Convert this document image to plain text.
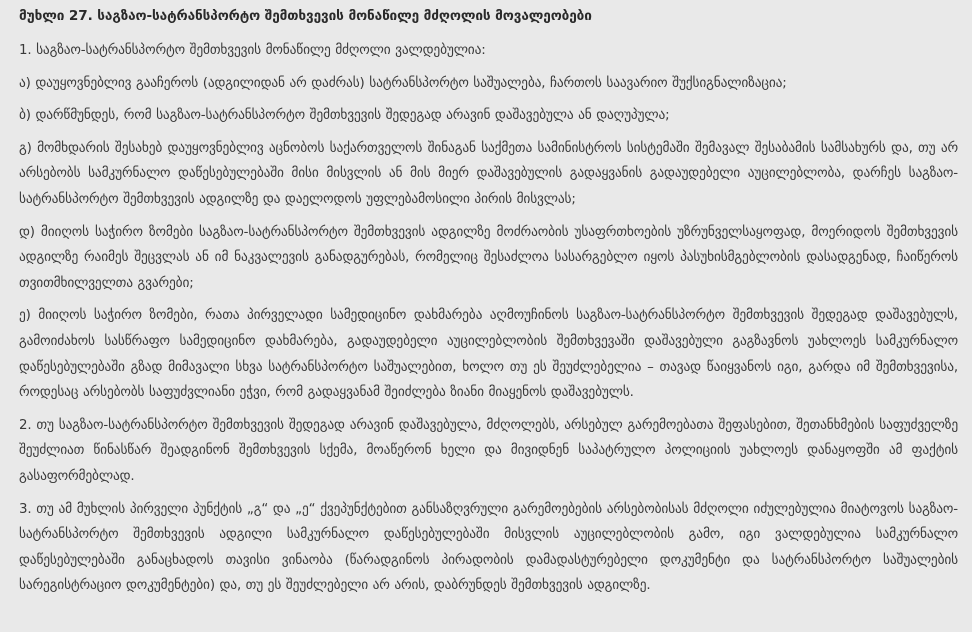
მუხლი 27. საგზაო-სატრანსპორტო შემთხვევის მონაწილე მძღოლის მოვალეობები

1. საგზაო-სატრანსპორტო შემთხვევის მონაწილე მძღოლი ვალდებულია:

ა) დაუყოვნებლივ გააჩეროს (ადგილიდან არ დაძრას) სატრანსპორტო საშუალება, ჩართოს საავარიო შუქსიგნალიზაცია;

ბ) დარწმუნდეს, რომ საგზაო-სატრანსპორტო შემთხვევის შედეგად არავინ დაშავებულა ან დაღუპულა;

გ) მომხდარის შესახებ დაუყოვნებლივ აცნობოს საქართველოს შინაგან საქმეთა სამინისტროს სისტემაში შემავალ შესაბამის სამსახურს და, თუ არ არსებობს სამკურნალო დაწესებულებაში მისი მისვლის ან მის მიერ დაშავებულის გადაყვანის გადაუდებელი აუცილებლობა, დარჩეს საგზაო-სატრანსპორტო შემთხვევის ადგილზე და დაელოდოს უფლებამოსილი პირის მისვლას;

დ) მიიღოს საჭირო ზომები საგზაო-სატრანსპორტო შემთხვევის ადგილზე მოძრაობის უსაფრთხოების უზრუნველსაყოფად, მოერიდოს შემთხვევის ადგილზე რაიმეს შეცვლას ან იმ ნაკვალევის განადგურებას, რომელიც შესაძლოა სასარგებლო იყოს პასუხისმგებლობის დასადგენად, ჩაიწეროს თვითმხილველთა გვარები;

ე) მიიღოს საჭირო ზომები, რათა პირველადი სამედიცინო დახმარება აღმოუჩინოს საგზაო-სატრანსპორტო შემთხვევის შედეგად დაშავებულს, გამოიძახოს სასწრაფო სამედიცინო დახმარება, გადაუდებელი აუცილებლობის შემთხვევაში დაშავებული გაგზავნოს უახლოეს სამკურნალო დაწესებულებაში გზად მიმავალი სხვა სატრანსპორტო საშუალებით, ხოლო თუ ეს შეუძლებელია – თავად წაიყვანოს იგი, გარდა იმ შემთხვევისა, როდესაც არსებობს საფუძვლიანი ეჭვი, რომ გადაყვანამ შეიძლება ზიანი მიაყენოს დაშავებულს.

2. თუ საგზაო-სატრანსპორტო შემთხვევის შედეგად არავინ დაშავებულა, მძღოლებს, არსებულ გარემოებათა შეფასებით, შეთანხმების საფუძველზე შეუძლიათ წინასწარ შეადგინონ შემთხვევის სქემა, მოაწერონ ხელი და მივიდნენ საპატრულო პოლიციის უახლოეს დანაყოფში ამ ფაქტის გასაფორმებლად.

3. თუ ამ მუხლის პირველი პუნქტის „გ“ და „ე“ ქვეპუნქტებით განსაზღვრული გარემოებების არსებობისას მძღოლი იძულებულია მიატოვოს საგზაო-სატრანსპორტო შემთხვევის ადგილი სამკურნალო დაწესებულებაში მისვლის აუცილებლობის გამო, იგი ვალდებულია სამკურნალო დაწესებულებაში განაცხადოს თავისი ვინაობა (წარადგინოს პირადობის დამადასტურებელი დოკუმენტი და სატრანსპორტო საშუალების სარეგისტრაციო დოკუმენტები) და, თუ ეს შეუძლებელი არ არის, დაბრუნდეს შემთხვევის ადგილზე.
